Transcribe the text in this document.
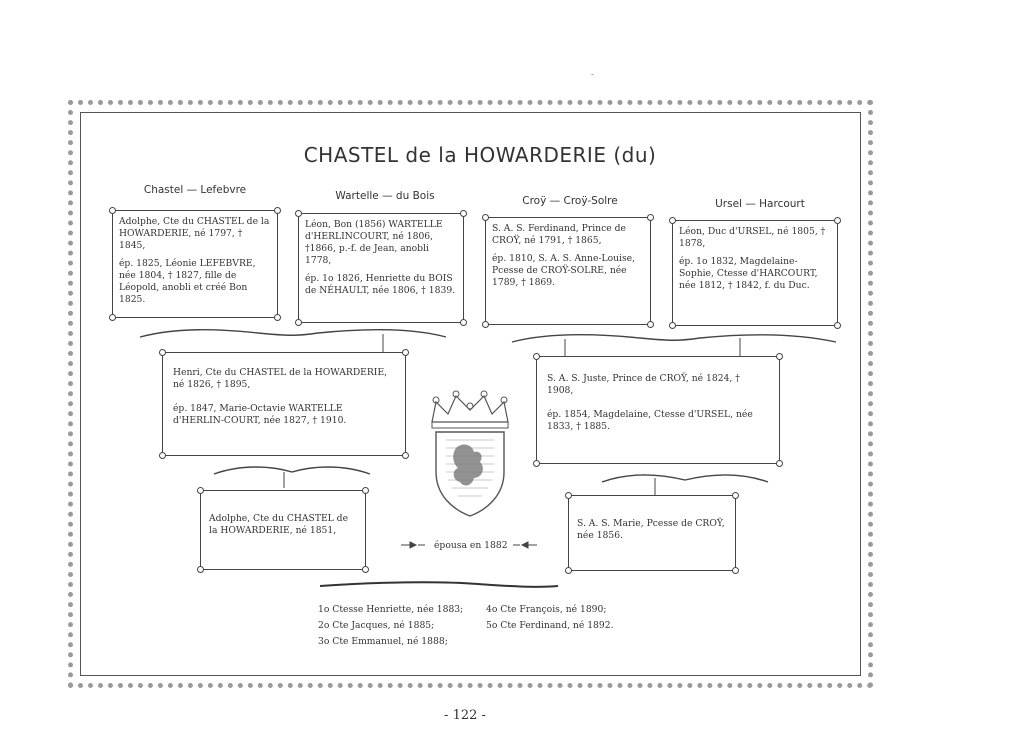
-
CHASTEL de la HOWARDERIE (du)
Chastel — Lefebvre	Wartelle — du Bois	Croÿ — Croÿ-Solre	Ursel — Harcourt

Adolphe, Cte du CHASTEL de la HOWARDERIE, né 1797, † 1845,

ép. 1825, Léonie LEFEBVRE, née 1804, † 1827, fille de Léopold, anobli et créé Bon 1825.

Léon, Bon (1856) WARTELLE d'HERLINCOURT, né 1806, †1866, p.-f. de Jean, anobli 1778,

ép. 1o 1826, Henriette du BOIS de NÉHAULT, née 1806, † 1839.

S. A. S. Ferdinand, Prince de CROŸ, né 1791, † 1865,

ép. 1810, S. A. S. Anne-Louise, Pcesse de CROŸ-SOLRE, née 1789, † 1869.

Léon, Duc d'URSEL, né 1805, † 1878,

ép. 1o 1832, Magdelaine-Sophie, Ctesse d'HARCOURT, née 1812, † 1842, f. du Duc.

Henri, Cte du CHASTEL de la HOWARDERIE, né 1826, † 1895,

ép. 1847, Marie-Octavie WARTELLE d'HERLIN-COURT, née 1827, † 1910.

S. A. S. Juste, Prince de CROŸ, né 1824, † 1908,

ép. 1854, Magdelaine, Ctesse d'URSEL, née 1833, † 1885.

Adolphe, Cte du CHASTEL de la HOWARDERIE, né 1851,

S. A. S. Marie, Pcesse de CROŸ, née 1856.

épousa en 1882
1o Ctesse Henriette, née 1883;
2o Cte Jacques, né 1885;
3o Cte Emmanuel, né 1888;
4o Cte François, né 1890;
5o Cte Ferdinand, né 1892.
- 122 -
